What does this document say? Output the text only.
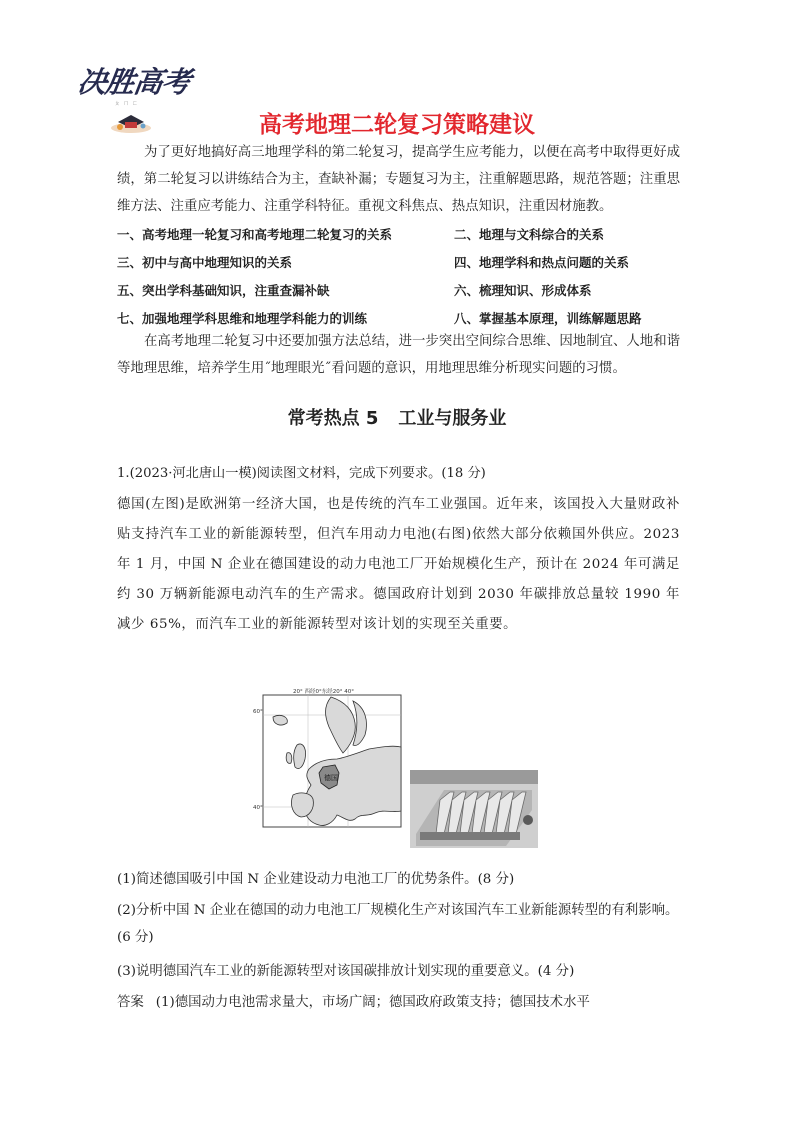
决胜高考
ㄆㄇㄈ
高考地理二轮复习策略建议
为了更好地搞好高三地理学科的第二轮复习，提高学生应考能力，以便在高考中取得更好成绩，第二轮复习以讲练结合为主，查缺补漏；专题复习为主，注重解题思路，规范答题；注重思维方法、注重应考能力、注重学科特征。重视文科焦点、热点知识，注重因材施教。
一、高考地理一轮复习和高考地理二轮复习的关系	二、地理与文科综合的关系
三、初中与高中地理知识的关系	四、地理学科和热点问题的关系
五、突出学科基础知识，注重查漏补缺	六、梳理知识、形成体系
七、加强地理学科思维和地理学科能力的训练	八、掌握基本原理，训练解题思路
在高考地理二轮复习中还要加强方法总结，进一步突出空间综合思维、因地制宜、人地和谐等地理思维，培养学生用˝地理眼光˝看问题的意识，用地理思维分析现实问题的习惯。
常考热点 5 工业与服务业
1.(2023·河北唐山一模)阅读图文材料，完成下列要求。(18 分)
德国(左图)是欧洲第一经济大国，也是传统的汽车工业强国。近年来，该国投入大量财政补贴支持汽车工业的新能源转型，但汽车用动力电池(右图)依然大部分依赖国外供应。2023 年 1 月，中国 N 企业在德国建设的动力电池工厂开始规模化生产，预计在 2024 年可满足约 30 万辆新能源电动汽车的生产需求。德国政府计划到 2030 年碳排放总量较 1990 年减少 65%，而汽车工业的新能源转型对该计划的实现至关重要。
德国
20° 西经0°东经20° 40°
60°
40°
(1)简述德国吸引中国 N 企业建设动力电池工厂的优势条件。(8 分)
(2)分析中国 N 企业在德国的动力电池工厂规模化生产对该国汽车工业新能源转型的有利影响。(6 分)
(3)说明德国汽车工业的新能源转型对该国碳排放计划实现的重要意义。(4 分)
答案 (1)德国动力电池需求量大，市场广阔；德国政府政策支持；德国技术水平
